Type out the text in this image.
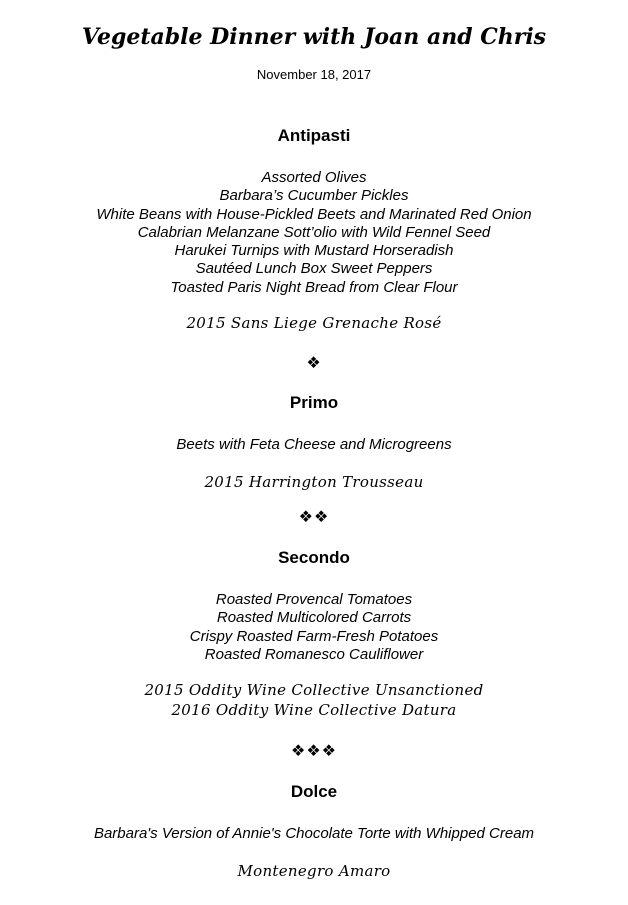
Vegetable Dinner with Joan and Chris
November 18, 2017
Antipasti
Assorted Olives
Barbara’s Cucumber Pickles
White Beans with House-Pickled Beets and Marinated Red Onion
Calabrian Melanzane Sott’olio with Wild Fennel Seed
Harukei Turnips with Mustard Horseradish
Sautéed Lunch Box Sweet Peppers
Toasted Paris Night Bread from Clear Flour
2015 Sans Liege Grenache Rosé
❖
Primo
Beets with Feta Cheese and Microgreens
2015 Harrington Trousseau
❖❖
Secondo
Roasted Provencal Tomatoes
Roasted Multicolored Carrots
Crispy Roasted Farm-Fresh Potatoes
Roasted Romanesco Cauliflower
2015 Oddity Wine Collective Unsanctioned
2016 Oddity Wine Collective Datura
❖❖❖
Dolce
Barbara's Version of Annie's Chocolate Torte with Whipped Cream
Montenegro Amaro
